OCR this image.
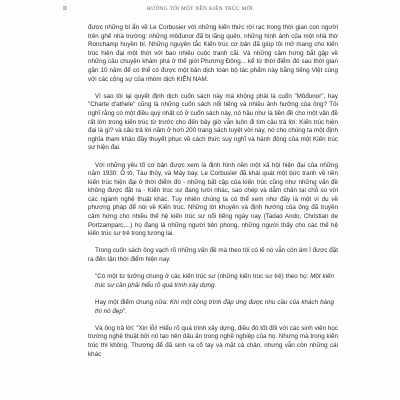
II	HƯỚNG TỚI MỘT NỀN KIẾN TRÚC MỚI

được những bí ẩn về Le Corbusier với những kiến thức rời rạc trong thời gian con người trên ghế nhà trường: những môđunor đã bị lãng quên, những hình ảnh của một nhà thờ Ronchamp huyền bí. Những nguyên tắc Kiến trúc cơ bản đã giúp tôi mở mang cho kiến trúc hiện đại một thời với bao nhiêu cuộc tranh cãi. Và những cảm hứng bắt gặp về những câu chuyện khám phá ở thế giới Phương Đông... kể từ thời điểm đó sau thời gian gần 10 năm để có thể có được một bản dịch toàn bộ tác phẩm này bằng tiếng Việt cùng với các cộng sự của nhóm dịch KIẾN NAM.

Vì sao tôi lại quyết định dịch cuốn sách này mà không phải là cuốn "Môđunor", hay "Charte d'athele" cũng là những cuốn sách nổi tiếng và nhiều ảnh hưởng của ông? Tôi nghĩ rằng có một điều quý nhất có ở cuốn sách này, nó hầu như là tiền đề cho một vấn đề rất lớn trong kiến trúc từ trước cho đến bây giờ vẫn luôn đi tìm câu trả lời: Kiến trúc hiện đại là gì? và câu trả lời năm ở hơn 200 trang sách tuyệt vời này, nó cho chúng ta một định nghĩa tham khảo đầy thuyết phục về cách thức suy nghĩ và hành động của một Kiến trúc sư hiện đại.

Với những yêu tố cơ bản được xem là định hình nền một xã hội hiện đại của những năm 1930: Ô tô, Tàu thủy, và Máy bay. Le Corbusier đã khái quát một bức tranh về nền kiến trúc hiện đại ở thời điểm đó - những bất cập của kiến trúc cũng như những vấn đề không được đặt ra - Kiến trúc sư đang lười nhác, sao chép và dẫm chân tại chỗ so với các ngành nghệ thuật khác. Tuy nhiên chúng ta có thể xem như đây là một ví dụ về phương pháp để nói về Kiến trúc. Những lời khuyên và định hướng của ông đã truyền cảm hứng cho nhiều thế hệ kiến trúc sư nổi tiếng ngày nay (Tadao Ando, Christian de Portzamparc,...) họ đang là những người tiên phong, những người thấy cho các thế hệ kiến trúc sư trẻ trong tương lai.

Trong cuốn sách ông vạch rõ những vấn đề mà theo tôi có lẽ nó vẫn còn âm ỉ được đặt ra đến tận thời điểm hiện nay:

"Có một tư tưởng chung ở các kiến trúc sư (những kiến trúc sư trẻ) theo họ: Một kiến trúc sư cần phải hiểu rõ quá trình xây dựng.

Hay một điểm chung nữa: Khi một công trình đáp ứng được nhu cầu của khách hàng thì nó đẹp".

Và ông trả lời: "Xin lỗi! Hiểu rõ quá trình xây dựng, điều đó tốt đối với các sinh viên học trường nghệ thuật bởi nó tạo nên dấu ấn trong nghề nghiệp của họ. Nhưng mà trong kiến trúc thì không. Thương để đã sinh ra cổ tay và mặt cả chân, nhưng vẫn còn những cái khác
